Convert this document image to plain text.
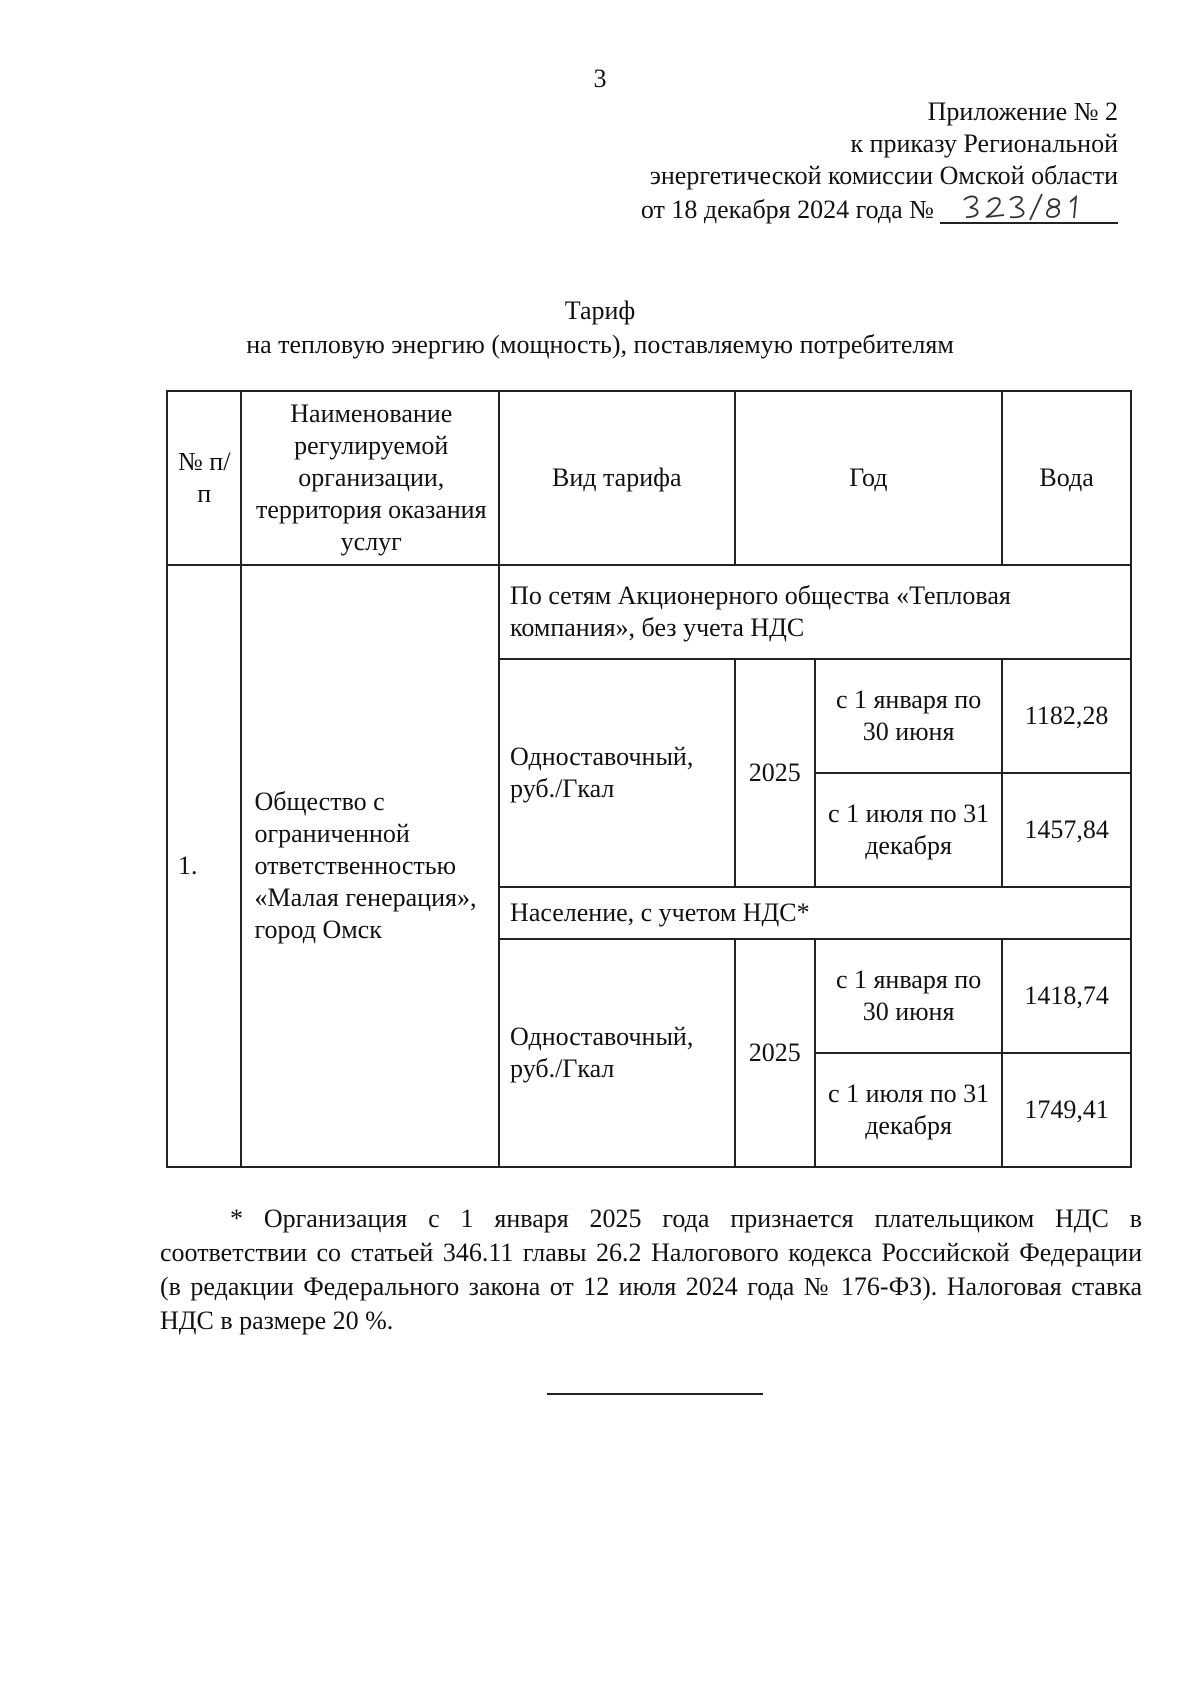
3
Приложение № 2
к приказу Региональной
энергетической комиссии Омской области
от 18 декабря 2024 года №
Тариф
на тепловую энергию (мощность), поставляемую потребителям
№ п/п	Наименование регулируемой организации, территория оказания услуг	Вид тарифа	Год		Вода
1.	Общество с ограниченной ответственностью «Малая генерация», город Омск	По сетям Акционерного общества «Тепловая компания», без учета НДС			
		Одноставочный, руб./Гкал	2025	с 1 января по 30 июня	1182,28
				с 1 июля по 31 декабря	1457,84
		Население, с учетом НДС*			
		Одноставочный, руб./Гкал	2025	с 1 января по 30 июня	1418,74
				с 1 июля по 31 декабря	1749,41

* Организация с 1 января 2025 года признается плательщиком НДС в соответствии со статьей 346.11 главы 26.2 Налогового кодекса Российской Федерации (в редакции Федерального закона от 12 июля 2024 года № 176-ФЗ). Налоговая ставка НДС в размере 20 %.
